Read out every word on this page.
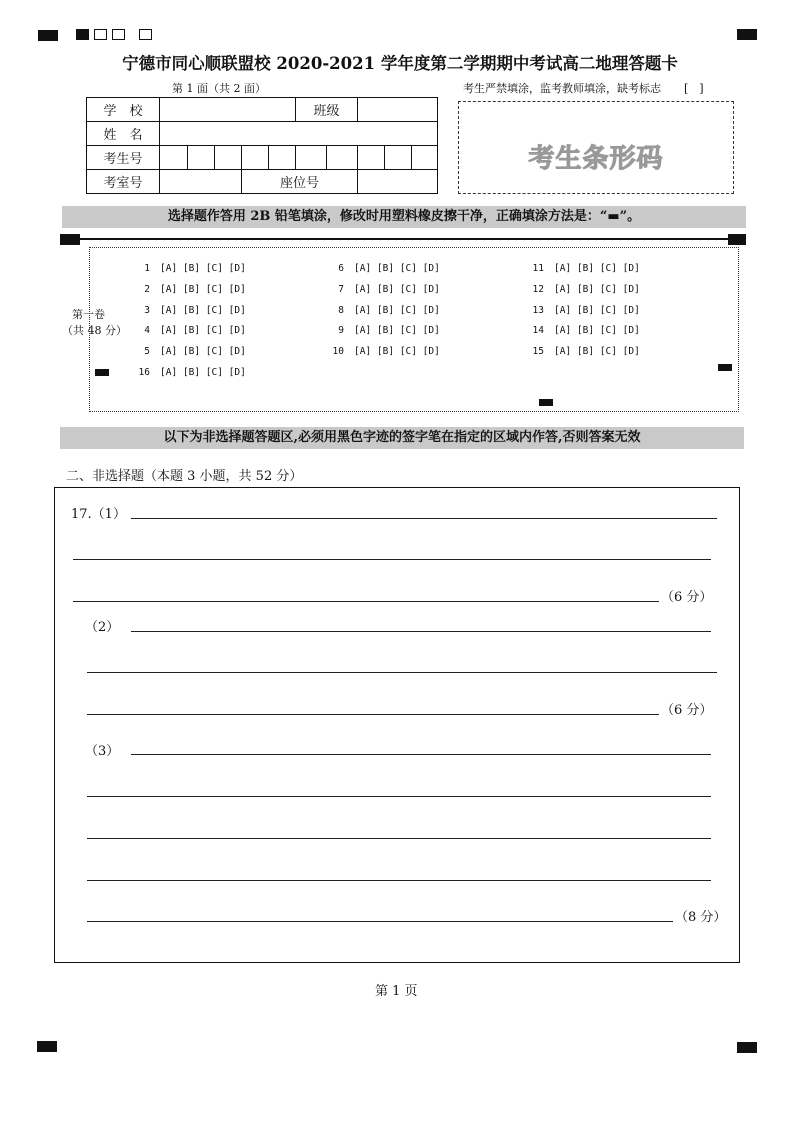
宁德市同心顺联盟校 2020-2021 学年度第二学期期中考试高二地理答题卡
第 1 面（共 2 面）	考生严禁填涂，监考教师填涂，缺考标志 [　]
学　校						班级				
姓　名										
考生号										
考室号				座位号						
考生条形码
选择题作答用 2B 铅笔填涂，修改时用塑料橡皮擦干净，正确填涂方法是：“▬”。
第一卷
（共 48 分）
1 [A] [B] [C] [D]
2 [A] [B] [C] [D]
3 [A] [B] [C] [D]
4 [A] [B] [C] [D]
5 [A] [B] [C] [D]
16 [A] [B] [C] [D]
6 [A] [B] [C] [D]
7 [A] [B] [C] [D]
8 [A] [B] [C] [D]
9 [A] [B] [C] [D]
10 [A] [B] [C] [D]
11 [A] [B] [C] [D]
12 [A] [B] [C] [D]
13 [A] [B] [C] [D]
14 [A] [B] [C] [D]
15 [A] [B] [C] [D]
以下为非选择题答题区,必须用黑色字迹的签字笔在指定的区域内作答,否则答案无效
二、非选择题（本题 3 小题，共 52 分）
17.（1）
（6 分）
（2）
（6 分）
（3）
（8 分）
第 1 页
